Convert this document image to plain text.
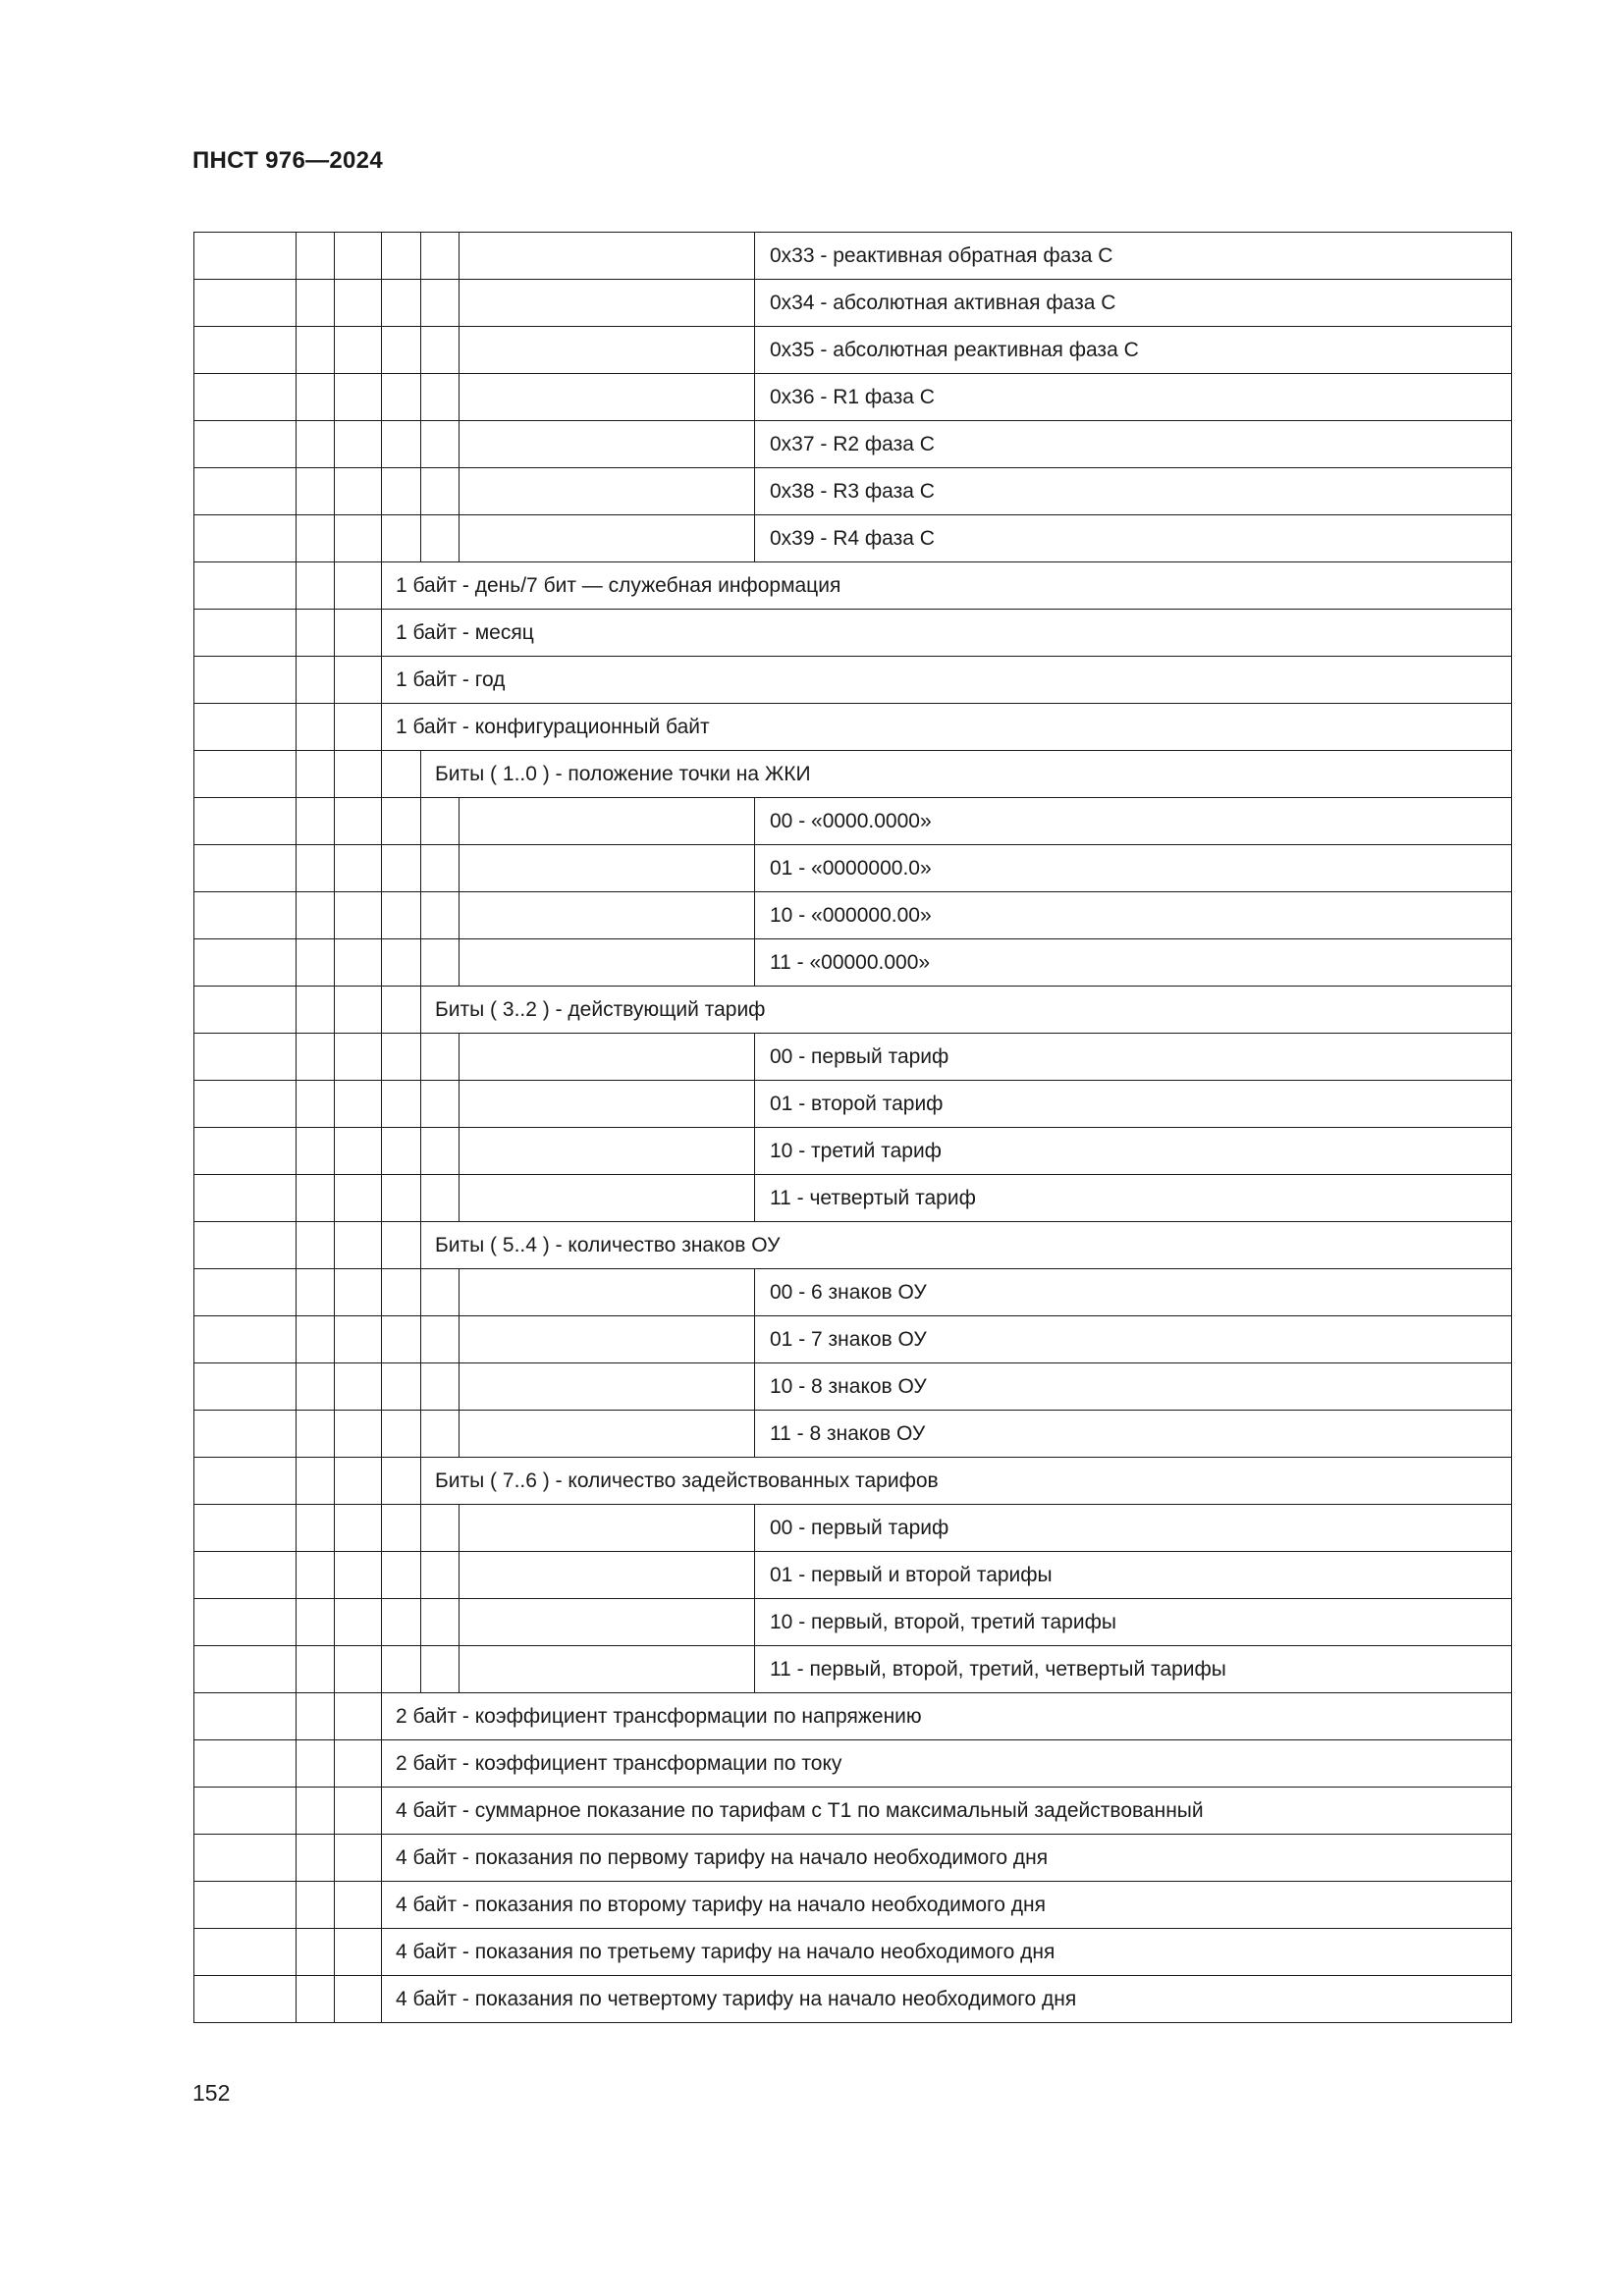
ПНСТ 976—2024
						0x33 - реактивная обратная фаза С
						0x34 - абсолютная активная фаза С
						0x35 - абсолютная реактивная фаза С
						0x36 - R1 фаза С
						0x37 - R2 фаза С
						0x38 - R3 фаза С
						0x39 - R4 фаза С
			1 байт - день/7 бит — служебная информация			
			1 байт - месяц			
			1 байт - год			
			1 байт - конфигурационный байт			
				Биты ( 1..0 ) - положение точки на ЖКИ		
						00 - «0000.0000»
						01 - «0000000.0»
						10 - «000000.00»
						11 - «00000.000»
				Биты ( 3..2 ) - действующий тариф		
						00 - первый тариф
						01 - второй тариф
						10 - третий тариф
						11 - четвертый тариф
				Биты ( 5..4 ) - количество знаков ОУ		
						00 - 6 знаков ОУ
						01 - 7 знаков ОУ
						10 - 8 знаков ОУ
						11 - 8 знаков ОУ
				Биты ( 7..6 ) - количество задействованных тарифов		
						00 - первый тариф
						01 - первый и второй тарифы
						10 - первый, второй, третий тарифы
						11 - первый, второй, третий, четвертый тарифы
			2 байт - коэффициент трансформации по напряжению			
			2 байт - коэффициент трансформации по току			
			4 байт - суммарное показание по тарифам с Т1 по максимальный задействованный			
			4 байт - показания по первому тарифу на начало необходимого дня			
			4 байт - показания по второму тарифу на начало необходимого дня			
			4 байт - показания по третьему тарифу на начало необходимого дня			
			4 байт - показания по четвертому тарифу на начало необходимого дня			
152
